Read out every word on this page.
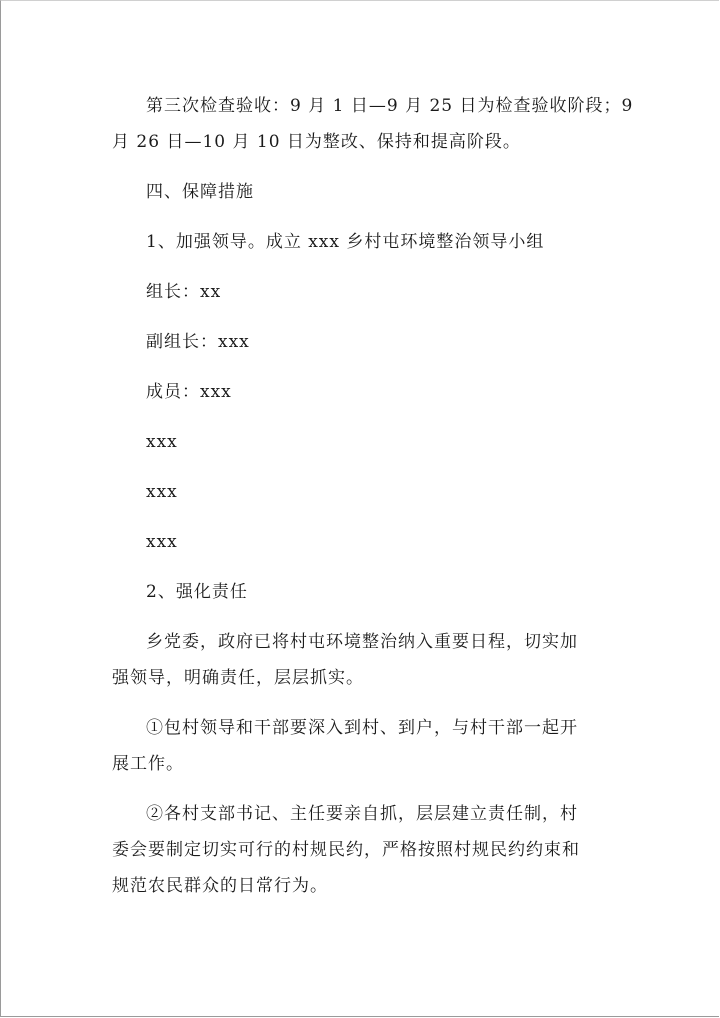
第三次检查验收：9 月 1 日—9 月 25 日为检查验收阶段；9

月 26 日—10 月 10 日为整改、保持和提高阶段。

四、保障措施

1、加强领导。成立 xxx 乡村屯环境整治领导小组

组长：xx

副组长：xxx

成员：xxx

xxx

xxx

xxx

2、强化责任

乡党委，政府已将村屯环境整治纳入重要日程，切实加

强领导，明确责任，层层抓实。

①包村领导和干部要深入到村、到户，与村干部一起开

展工作。

②各村支部书记、主任要亲自抓，层层建立责任制，村

委会要制定切实可行的村规民约，严格按照村规民约约束和

规范农民群众的日常行为。
